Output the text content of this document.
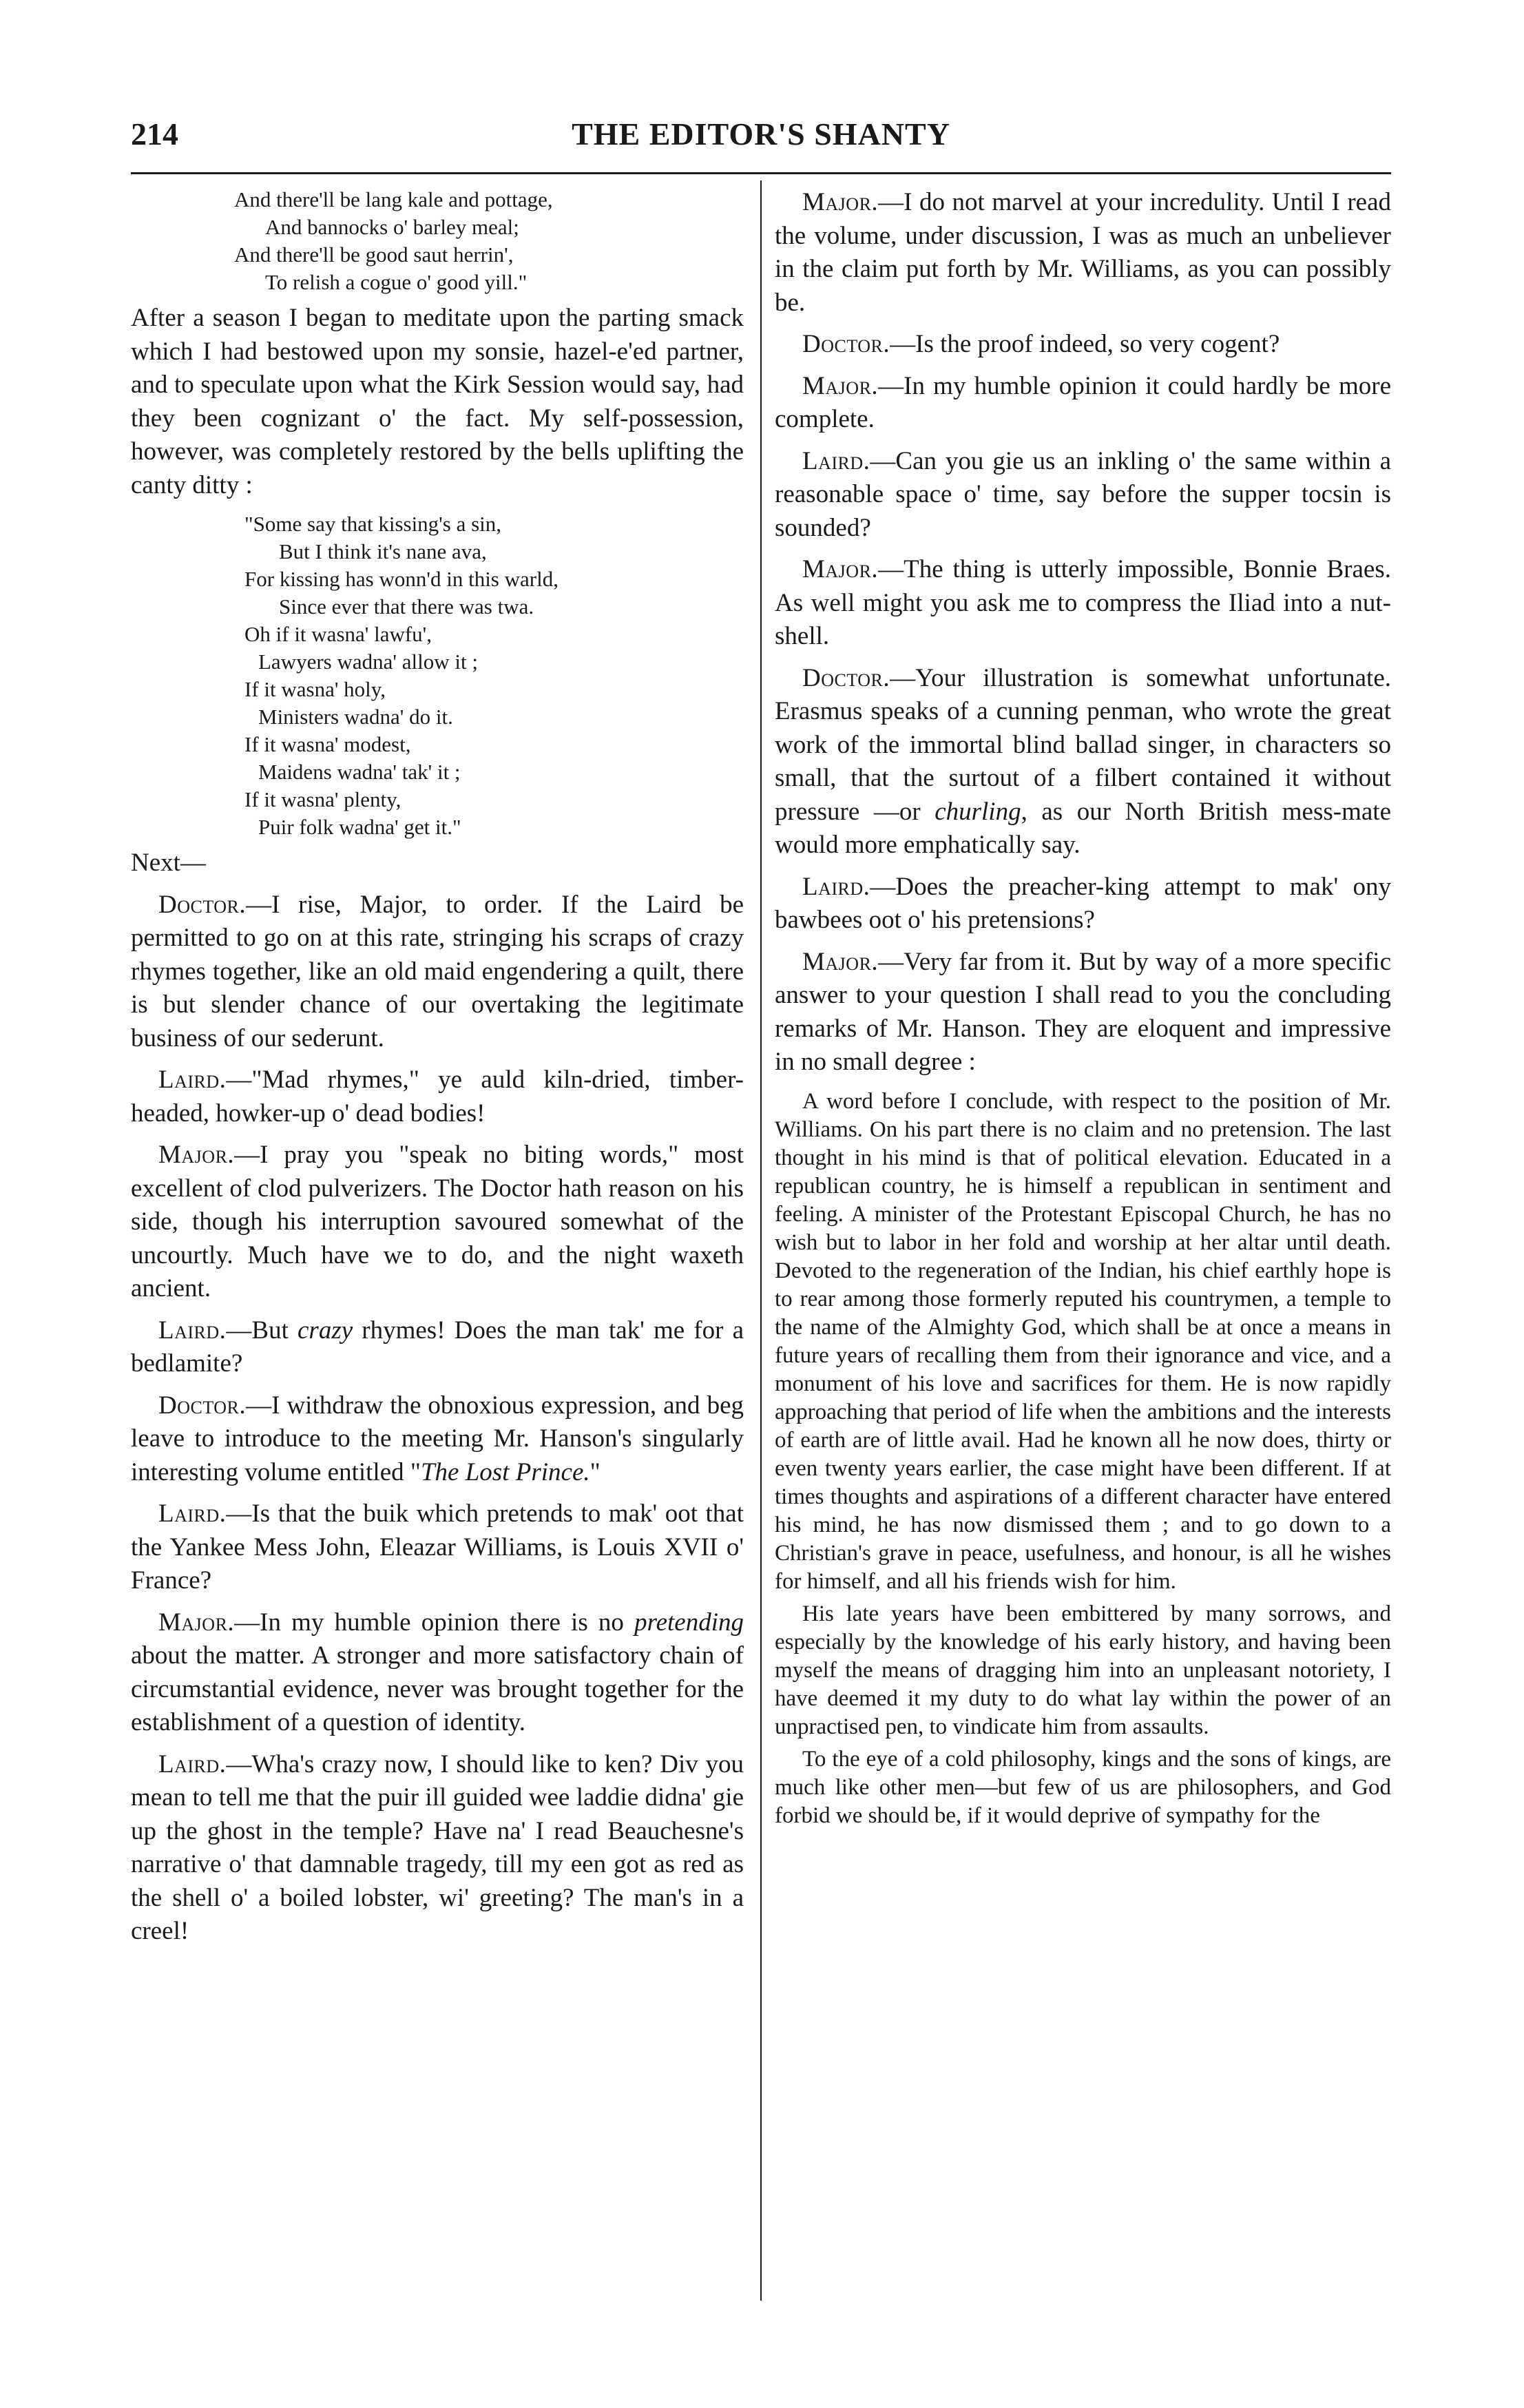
214	THE EDITOR'S SHANTY
And there'll be lang kale and pottage,
And bannocks o' barley meal;
And there'll be good saut herrin',
To relish a cogue o' good yill."

After a season I began to meditate upon the parting smack which I had bestowed upon my sonsie, hazel-e'ed partner, and to speculate upon what the Kirk Session would say, had they been cognizant o' the fact. My self-possession, however, was completely restored by the bells uplifting the canty ditty :

"Some say that kissing's a sin,
But I think it's nane ava,
For kissing has wonn'd in this warld,
Since ever that there was twa.
Oh if it wasna' lawfu',
Lawyers wadna' allow it ;
If it wasna' holy,
Ministers wadna' do it.
If it wasna' modest,
Maidens wadna' tak' it ;
If it wasna' plenty,
Puir folk wadna' get it."

Next—

Doctor.—I rise, Major, to order. If the Laird be permitted to go on at this rate, stringing his scraps of crazy rhymes together, like an old maid engendering a quilt, there is but slender chance of our overtaking the legitimate business of our sederunt.

Laird.—"Mad rhymes," ye auld kiln-dried, timber-headed, howker-up o' dead bodies!

Major.—I pray you "speak no biting words," most excellent of clod pulverizers. The Doctor hath reason on his side, though his interruption savoured somewhat of the uncourtly. Much have we to do, and the night waxeth ancient.

Laird.—But crazy rhymes! Does the man tak' me for a bedlamite?

Doctor.—I withdraw the obnoxious expression, and beg leave to introduce to the meeting Mr. Hanson's singularly interesting volume entitled "The Lost Prince."

Laird.—Is that the buik which pretends to mak' oot that the Yankee Mess John, Eleazar Williams, is Louis XVII o' France?

Major.—In my humble opinion there is no pretending about the matter. A stronger and more satisfactory chain of circumstantial evidence, never was brought together for the establishment of a question of identity.

Laird.—Wha's crazy now, I should like to ken? Div you mean to tell me that the puir ill guided wee laddie didna' gie up the ghost in the temple? Have na' I read Beauchesne's narrative o' that damnable tragedy, till my een got as red as the shell o' a boiled lobster, wi' greeting? The man's in a creel!

Major.—I do not marvel at your incredulity. Until I read the volume, under discussion, I was as much an unbeliever in the claim put forth by Mr. Williams, as you can possibly be.

Doctor.—Is the proof indeed, so very cogent?

Major.—In my humble opinion it could hardly be more complete.

Laird.—Can you gie us an inkling o' the same within a reasonable space o' time, say before the supper tocsin is sounded?

Major.—The thing is utterly impossible, Bonnie Braes. As well might you ask me to compress the Iliad into a nut-shell.

Doctor.—Your illustration is somewhat unfortunate. Erasmus speaks of a cunning penman, who wrote the great work of the immortal blind ballad singer, in characters so small, that the surtout of a filbert contained it without pressure —or churling, as our North British mess-mate would more emphatically say.

Laird.—Does the preacher-king attempt to mak' ony bawbees oot o' his pretensions?

Major.—Very far from it. But by way of a more specific answer to your question I shall read to you the concluding remarks of Mr. Hanson. They are eloquent and impressive in no small degree :

A word before I conclude, with respect to the position of Mr. Williams. On his part there is no claim and no pretension. The last thought in his mind is that of political elevation. Educated in a republican country, he is himself a republican in sentiment and feeling. A minister of the Protestant Episcopal Church, he has no wish but to labor in her fold and worship at her altar until death. Devoted to the regeneration of the Indian, his chief earthly hope is to rear among those formerly reputed his countrymen, a temple to the name of the Almighty God, which shall be at once a means in future years of recalling them from their ignorance and vice, and a monument of his love and sacrifices for them. He is now rapidly approaching that period of life when the ambitions and the interests of earth are of little avail. Had he known all he now does, thirty or even twenty years earlier, the case might have been different. If at times thoughts and aspirations of a different character have entered his mind, he has now dismissed them ; and to go down to a Christian's grave in peace, usefulness, and honour, is all he wishes for himself, and all his friends wish for him.

His late years have been embittered by many sorrows, and especially by the knowledge of his early history, and having been myself the means of dragging him into an unpleasant notoriety, I have deemed it my duty to do what lay within the power of an unpractised pen, to vindicate him from assaults.

To the eye of a cold philosophy, kings and the sons of kings, are much like other men—but few of us are philosophers, and God forbid we should be, if it would deprive of sympathy for the
